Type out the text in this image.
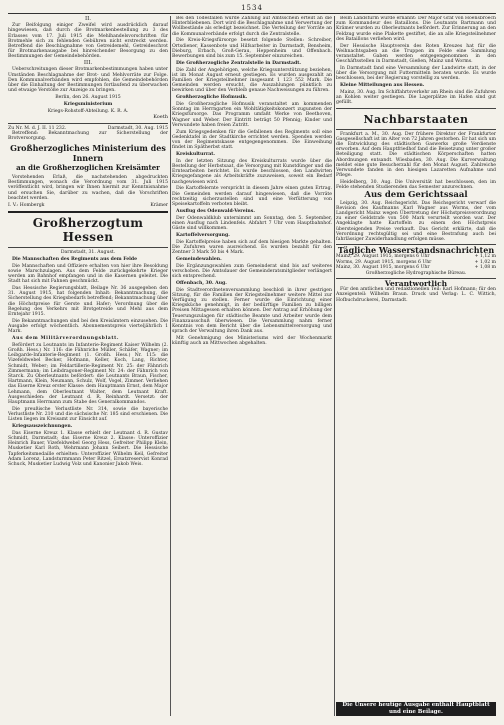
1534
II.

Zur Beifolgung einiger Zweifel wird ausdrücklich darauf hingewiesen, daß durch die Brotmarkenbestellung zu 3 des Erlasses vom 17. Juli 1915 die Mehlhandelsvorschriften für Brotmehle sich zu fehlenden Gebühren nicht erstreckt werden. Betreffend die Beschlagnahme von Getreidemehl, Getreideschrot für Brotmarkenausgabe bei hinreichender Besorgung zu den Bestimmungen der Gemeindebehörden.

III.

Ueberschreitungen dieser Brotmarkenbestimmungen haben unter Umständen Beschlagnahme der Brot- und Mehlvorräte zur Folge. Den Kommunalverbänden wird empfohlen, die Gemeindebehörden über die Einhaltung der Bestimmungen fortlaufend zu überwachen und etwaige Verstöße zur Anzeige zu bringen.

Berlin, den 26. August 1915

Kriegsministerium

Kriegs-Rohstoff-Abteilung. K. R. A.

Koeth

Zu Nr. M. d. J. II. 11 232.	Darmstadt, 30. Aug. 1915

Betreffend: Bekanntmachung zur Sicherstellung der Brotversorgung.

Großherzogliches Ministerium des Innern
an die Großherzoglichen Kreisämter

Vorstehenden Erlaß, die nachstehenden abgedruckten Bestimmungen, wonach die Verordnung vom 31. Juli 1915 veröffentlicht wird, bringen wir Ihnen hiermit zur Kenntnisnahme und ersuchen Sie, darüber zu wachen, daß die Vorschriften beachtet werden.

I. V.: Hombergk	Krämer
Großherzogtum Hessen

Darmstadt, 31. August.

Die Mannschaften des Regiments aus dem Felde

Die Mannschaften und Offiziere erhalten von hier ihre Besoldung sowie Marschzulagen. Aus dem Felde zurückgekehrte Krieger werden am Bahnhof empfangen und in die Kasernen geleitet. Die Stadt hat sich mit Fahnen geschmückt.

Das Hessische Regierungsblatt, Beilage Nr. 36 ausgegeben den 31. August 1915, hat folgenden Inhalt: Bekanntmachung, die Sicherstellung des Kriegsbedarfs betreffend; Bekanntmachung über die Höchstpreise für Gerste und Hafer; Verordnung über die Regelung des Verkehrs mit Brotgetreide und Mehl aus dem Erntejahr 1915.

Die Bekanntmachungen sind bei den Kreisämtern einzusehen. Die Ausgabe erfolgt wöchentlich. Abonnementspreis vierteljährlich 1 Mark.

Aus dem Militärverordnungsblatt.

Befördert zu Leutnants im Infanterie-Regiment Kaiser Wilhelm (2. Großh. Hess.) Nr. 116: die Fähnriche Müller, Schäfer, Wagner; im Leibgarde-Infanterie-Regiment (1. Großh. Hess.) Nr. 115: die Vizefeldwebel Becker, Hofmann, Keller, Koch, Lang, Richter, Schmidt, Weber; im Feldartillerie-Regiment Nr. 25: der Fähnrich Zimmermann; im Leibdragoner-Regiment Nr. 24: der Fähnrich von Starck. Zu Oberleutnants befördert: die Leutnants Braun, Fischer, Hartmann, Klein, Neumann, Schulz, Wolf, Vogel, Zimmer. Verliehen das Eiserne Kreuz erster Klasse: dem Hauptmann Ernst, dem Major Lehmann, dem Oberleutnant Walter, dem Leutnant Kraft. Ausgeschieden: der Leutnant d. R. Reinhardt. Versetzt: der Hauptmann Herrmann zum Stabe des Generalkommandos.

Die preußische Verlustliste Nr. 314, sowie die bayerische Verlustliste Nr. 210 und die sächsische Nr. 185 sind erschienen. Die Listen liegen im Kreisamt zur Einsicht auf.

Kriegsauszeichnungen.

Das Eiserne Kreuz 1. Klasse erhielt der Leutnant d. R. Gustav Schmidt, Darmstadt; das Eiserne Kreuz 2. Klasse: Unteroffizier Heinrich Bauer, Vizefeldwebel Georg Hess, Gefreiter Philipp Klein, Musketier Karl Roth, Wehrmann Johann Seibert. Die Hessische Tapferkeitsmedaille erhielten: Unteroffizier Wilhelm Keil, Gefreiter Adam Lorenz, Landsturmmann Peter Ritzel, Ersatzreservist Konrad Schuck, Musketier Ludwig Volz und Kanonier Jakob Weis.

Bei den Todesfällen wurde Zahlung auf Amtsschein erteilt an die Hinterbliebenen. Dort wird die Beschlagnahme und Verwertung der Wollbestände als erledigt bezeichnet. Die Verteilung der Vorräte an die Kommunalverbände erfolgt durch die Zentralstelle.

Die Kreis-Kriegsfürsorge besetzt folgende Stellen: Schreiber, Ortsdiener, Kassenbote und Hilfsarbeiter in Darmstadt, Bensheim, Dieburg, Erbach, Groß-Gerau, Heppenheim und Offenbach. Bewerbungen sind bis zum 15. September einzureichen.

Die Großherzogliche Zentralstelle in Darmstadt.

Die Zahl der Angehörigen, welche Kriegsunterstützung beziehen, ist im Monat August erneut gestiegen. Es wurden ausgezahlt an Familien der Kriegsteilnehmer insgesamt 1 123 552 Mark. Die Gemeinden werden ersucht, die Auszahlungen pünktlich zu bewirken und über den Verbleib genaue Nachweisungen zu führen.

Großherzogliche Hofmusik.

Die Großherzogliche Hofmusik veranstaltet am kommenden Sonntag im Herrngarten ein Wohltätigkeitskonzert zugunsten der Kriegsfürsorge. Das Programm umfaßt Werke von Beethoven, Wagner und Weber. Der Eintritt beträgt 50 Pfennig; Kinder und Verwundete haben freien Zutritt.

Zum Kriegsgedenken für die Gefallenen des Regiments soll eine Gedenktafel in der Stadtkirche errichtet werden. Spenden werden von der Regimentskasse entgegengenommen. Die Einweihung findet im Spätherbst statt.

Kreiskulturrat.

In der letzten Sitzung des Kreiskulturrats wurde über die Bestellung der Herbstsaat, die Versorgung mit Kunstdünger und die Erntearbeiten berichtet. Es wurde beschlossen, den Landwirten Kriegsgefangene als Arbeitskräfte zuzuweisen, soweit ein Bedarf nachgewiesen wird.

Die Kartoffelernte verspricht in diesem Jahre einen guten Ertrag. Die Gemeinden werden darauf hingewiesen, daß die Vorräte rechtzeitig sicherzustellen sind und eine Verfütterung von Speisekartoffeln verboten bleibt.

Ausflug des Odenwald-Vereins.

Der Odenwaldklub unternimmt am Sonntag, den 5. September, einen Ausflug nach Lindenfels. Abfahrt 7 Uhr vom Hauptbahnhof. Gäste sind willkommen.

Kartoffelversorgung.

Die Kartoffelpreise haben sich auf dem hiesigen Markte gehalten. Die Zufuhren waren ausreichend. Es wurden bezahlt für den Zentner 3 Mark 50 bis 4 Mark.

Gemeindewahlen.

Die Ergänzungswahlen zum Gemeinderat sind bis auf weiteres verschoben. Die Amtsdauer der Gemeinderatsmitglieder verlängert sich entsprechend.

Offenbach, 30. Aug.

Die Stadtverordnetenversammlung beschloß in ihrer gestrigen Sitzung, für die Familien der Kriegsteilnehmer weitere Mittel zur Verfügung zu stellen. Ferner wurde die Einrichtung einer Kriegsküche genehmigt, in der bedürftige Familien zu billigen Preisen Mittagessen erhalten können. Der Antrag auf Erhöhung der Teuerungszulagen für städtische Beamte und Arbeiter wurde dem Finanzausschuß überwiesen. Die Versammlung nahm ferner Kenntnis von dem Bericht über die Lebensmittelversorgung und sprach der Verwaltung ihren Dank aus.

Mit Genehmigung des Ministeriums wird der Wochenmarkt künftig auch an Mittwochen abgehalten.

Beim Landsturm wurde ernannt: Der Major Graf von Hoensbroech zum Kommandeur des Bataillons. Die Leutnants Bartmann und Krämer wurden zu Oberleutnants befördert. Zur Erinnerung an den Feldzug wurde eine Plakette gestiftet, die an alle Kriegsteilnehmer des Bataillons verliehen wird.

Der Hessische Hauptverein des Roten Kreuzes hat für die Weihnachtsgaben an die Truppen im Felde eine Sammlung veranstaltet. Gaben werden entgegengenommen in den Geschäftsstellen in Darmstadt, Gießen, Mainz und Worms.

In Darmstadt fand eine Versammlung der Landwirte statt, in der über die Versorgung mit Futtermitteln beraten wurde. Es wurde beschlossen, bei der Regierung vorstellig zu werden.

Kleine Mitteilungen aus Hessen.

Mainz, 30. Aug. Im Schiffahrtsverkehr am Rhein sind die Zufuhren an Kohlen weiter gestiegen. Die Lagerplätze im Hafen sind gut gefüllt.

Nachbarstaaten

Frankfurt a. M., 30. Aug. Der frühere Direktor der Frankfurter Gasgesellschaft ist im Alter von 72 Jahren gestorben. Er hat sich um die Entwicklung des städtischen Gaswerks große Verdienste erworben. Auf dem Hauptfriedhof fand die Beisetzung unter großer Beteiligung statt. Die städtischen Körperschaften hatten Abordnungen entsandt. Wiesbaden, 30. Aug. Die Kurverwaltung meldet eine gute Besucherzahl für den Monat August. Zahlreiche Verwundete fanden in den hiesigen Lazaretten Aufnahme und Pflege.

Heidelberg, 30. Aug. Die Universität hat beschlossen, den im Felde stehenden Studierenden das Semester anzurechnen.

Aus dem Gerichtssaal

Leipzig, 30. Aug. Reichsgericht. Das Reichsgericht verwarf die Revision des Kaufmanns Karl Wagner aus Worms, der vom Landgericht Mainz wegen Übertretung der Höchstpreisverordnung zu einer Geldstrafe von 500 Mark verurteilt worden war. Der Angeklagte hatte Kartoffeln zu einem den Höchstpreis übersteigenden Preise verkauft. Das Gericht erklärte, daß die Verordnung rechtsgültig sei und eine Bestrafung auch bei fahrlässiger Zuwiderhandlung erfolgen müsse.

Tägliche Wasserstandsnachrichten
Mainz, 29. August 1915, morgens 6 Uhr	+ 1,12 m
Worms, 29. August 1915, morgens 6 Uhr	+ 1,02 m
Mainz, 30. August 1915, morgens 6 Uhr	+ 1,08 m

Großherzogliche Hydrographische Büreau.

Verantwortlich

Für den amtlichen und redaktionellen Teil: Karl Hofmann; für den Anzeigenteil: Wilhelm Braun. Druck und Verlag: L. C. Wittich, Hofbuchdruckerei, Darmstadt.

Die Unsere heutige Ausgabe enthält Hauptblatt und eine Beilage.
